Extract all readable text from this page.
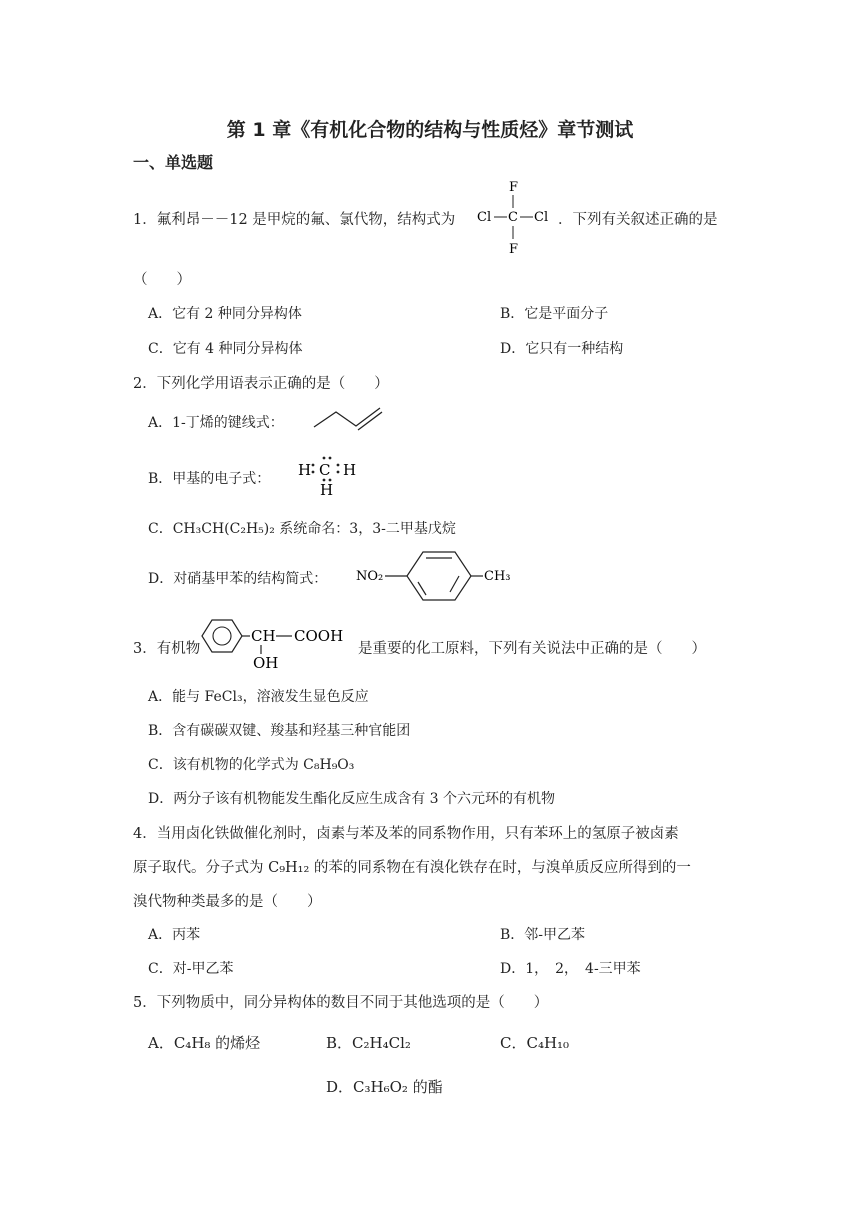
第 1 章《有机化合物的结构与性质烃》章节测试
一、单选题
1．氟利昂－－12 是甲烷的氟、氯代物，结构式为
F
Cl C Cl
F
．下列有关叙述正确的是
（　　）
A．它有 2 种同分异构体	B．它是平面分子
C．它有 4 种同分异构体	D．它只有一种结构
2．下列化学用语表示正确的是（　　）
A．1-丁烯的键线式：
B．甲基的电子式： H C H
H
C．CH₃CH(C₂H₅)₂ 系统命名：3，3-二甲基戊烷
D．对硝基甲苯的结构简式： NO₂	CH₃
3．有机物
CH COOH
OH
是重要的化工原料，下列有关说法中正确的是（　　）
A．能与 FeCl₃，溶液发生显色反应
B．含有碳碳双键、羧基和羟基三种官能团
C．该有机物的化学式为 C₈H₉O₃
D．两分子该有机物能发生酯化反应生成含有 3 个六元环的有机物
4．当用卤化铁做催化剂时，卤素与苯及苯的同系物作用，只有苯环上的氢原子被卤素
原子取代。分子式为 C₉H₁₂ 的苯的同系物在有溴化铁存在时，与溴单质反应所得到的一
溴代物种类最多的是（　　）
A．丙苯	B．邻-甲乙苯
C．对-甲乙苯	D．1，　2，　4-三甲苯
5．下列物质中，同分异构体的数目不同于其他选项的是（　　）
A．C₄H₈ 的烯烃	B．C₂H₄Cl₂	C．C₄H₁₀
D．C₃H₆O₂ 的酯
